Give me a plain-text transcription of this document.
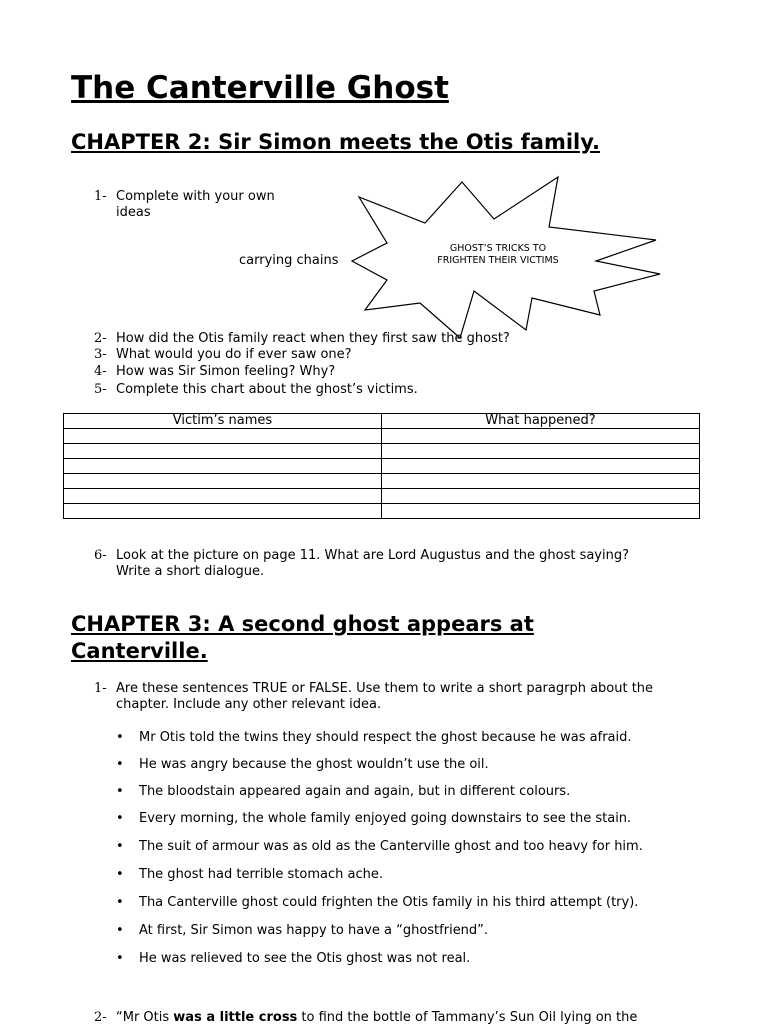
The Canterville Ghost
CHAPTER 2: Sir Simon meets the Otis family.
1- Complete with your own
ideas
carrying chains
GHOST’S TRICKS TO
FRIGHTEN THEIR VICTIMS
2- How did the Otis family react when they first saw the ghost?
3- What would you do if ever saw one?
4- How was Sir Simon feeling? Why?
5- Complete this chart about the ghost’s victims.
Victim’s names	What happened?

6- Look at the picture on page 11. What are Lord Augustus and the ghost saying?
Write a short dialogue.
CHAPTER 3: A second ghost appears at
Canterville.
1- Are these sentences TRUE or FALSE. Use them to write a short paragrph about the
chapter. Include any other relevant idea.
• Mr Otis told the twins they should respect the ghost because he was afraid.
• He was angry because the ghost wouldn’t use the oil.
• The bloodstain appeared again and again, but in different colours.
• Every morning, the whole family enjoyed going downstairs to see the stain.
• The suit of armour was as old as the Canterville ghost and too heavy for him.
• The ghost had terrible stomach ache.
• Tha Canterville ghost could frighten the Otis family in his third attempt (try).
• At first, Sir Simon was happy to have a “ghostfriend”.
• He was relieved to see the Otis ghost was not real.
2- “Mr Otis was a little cross to find the bottle of Tammany’s Sun Oil lying on the
